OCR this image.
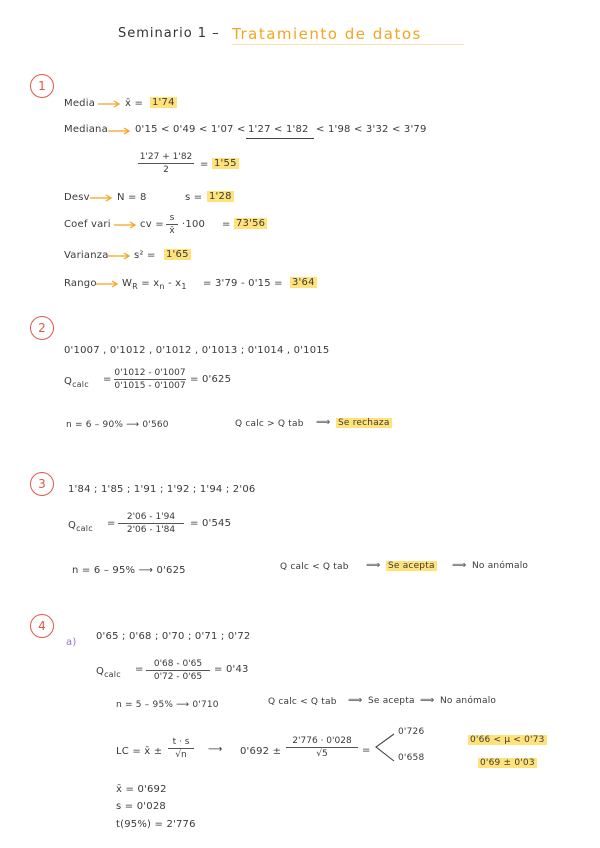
Seminario 1 – Tratamiento de datos
1
Media	x̄ = 1'74
Mediana	0'15 < 0'49 < 1'07 < 1'27 < 1'82 < 1'98 < 3'32 < 3'79
1'27 + 1'82
2	= 1'55
Desv	N = 8	s = 1'28
Coef vari	cv =
s
x̄
·100 = 73'56
Varianza	s² = 1'65
Rango	$W_R = x_n - x_1 = 3'79 - 0'15 = 3'64$
2
0'1007 , 0'1012 , 0'1012 , 0'1013 ; 0'1014 , 0'1015
$Q_{calc}$ =
0'1012 - 0'1007
0'1015 - 0'1007
= 0'625
n = 6 – 90% ⟶ 0'560	Q calc > Q tab ⟹ Se rechaza
3	1'84 ; 1'85 ; 1'91 ; 1'92 ; 1'94 ; 2'06
$Q_{calc}$ =
2'06 - 1'94
2'06 - 1'84
= 0'545
n = 6 – 95% ⟶ 0'625	Q calc < Q tab ⟹ Se acepta ⟹ No anómalo
4
a)
0'65 ; 0'68 ; 0'70 ; 0'71 ; 0'72
$Q_{calc} = 0'68 - 0'65$
0'72 - 0'65
= 0'43
n = 5 – 95% ⟶ 0'710	Q calc < Q tab ⟹ Se acepta ⟹ No anómalo
LC = x̄ ±
t · s
√n ⟶ 0'692 ±
2'776 · 0'028
√5	=
0'726
0'658
0'66 < μ < 0'73
0'69 ± 0'03
x̄ = 0'692
s = 0'028
t(95%) = 2'776
